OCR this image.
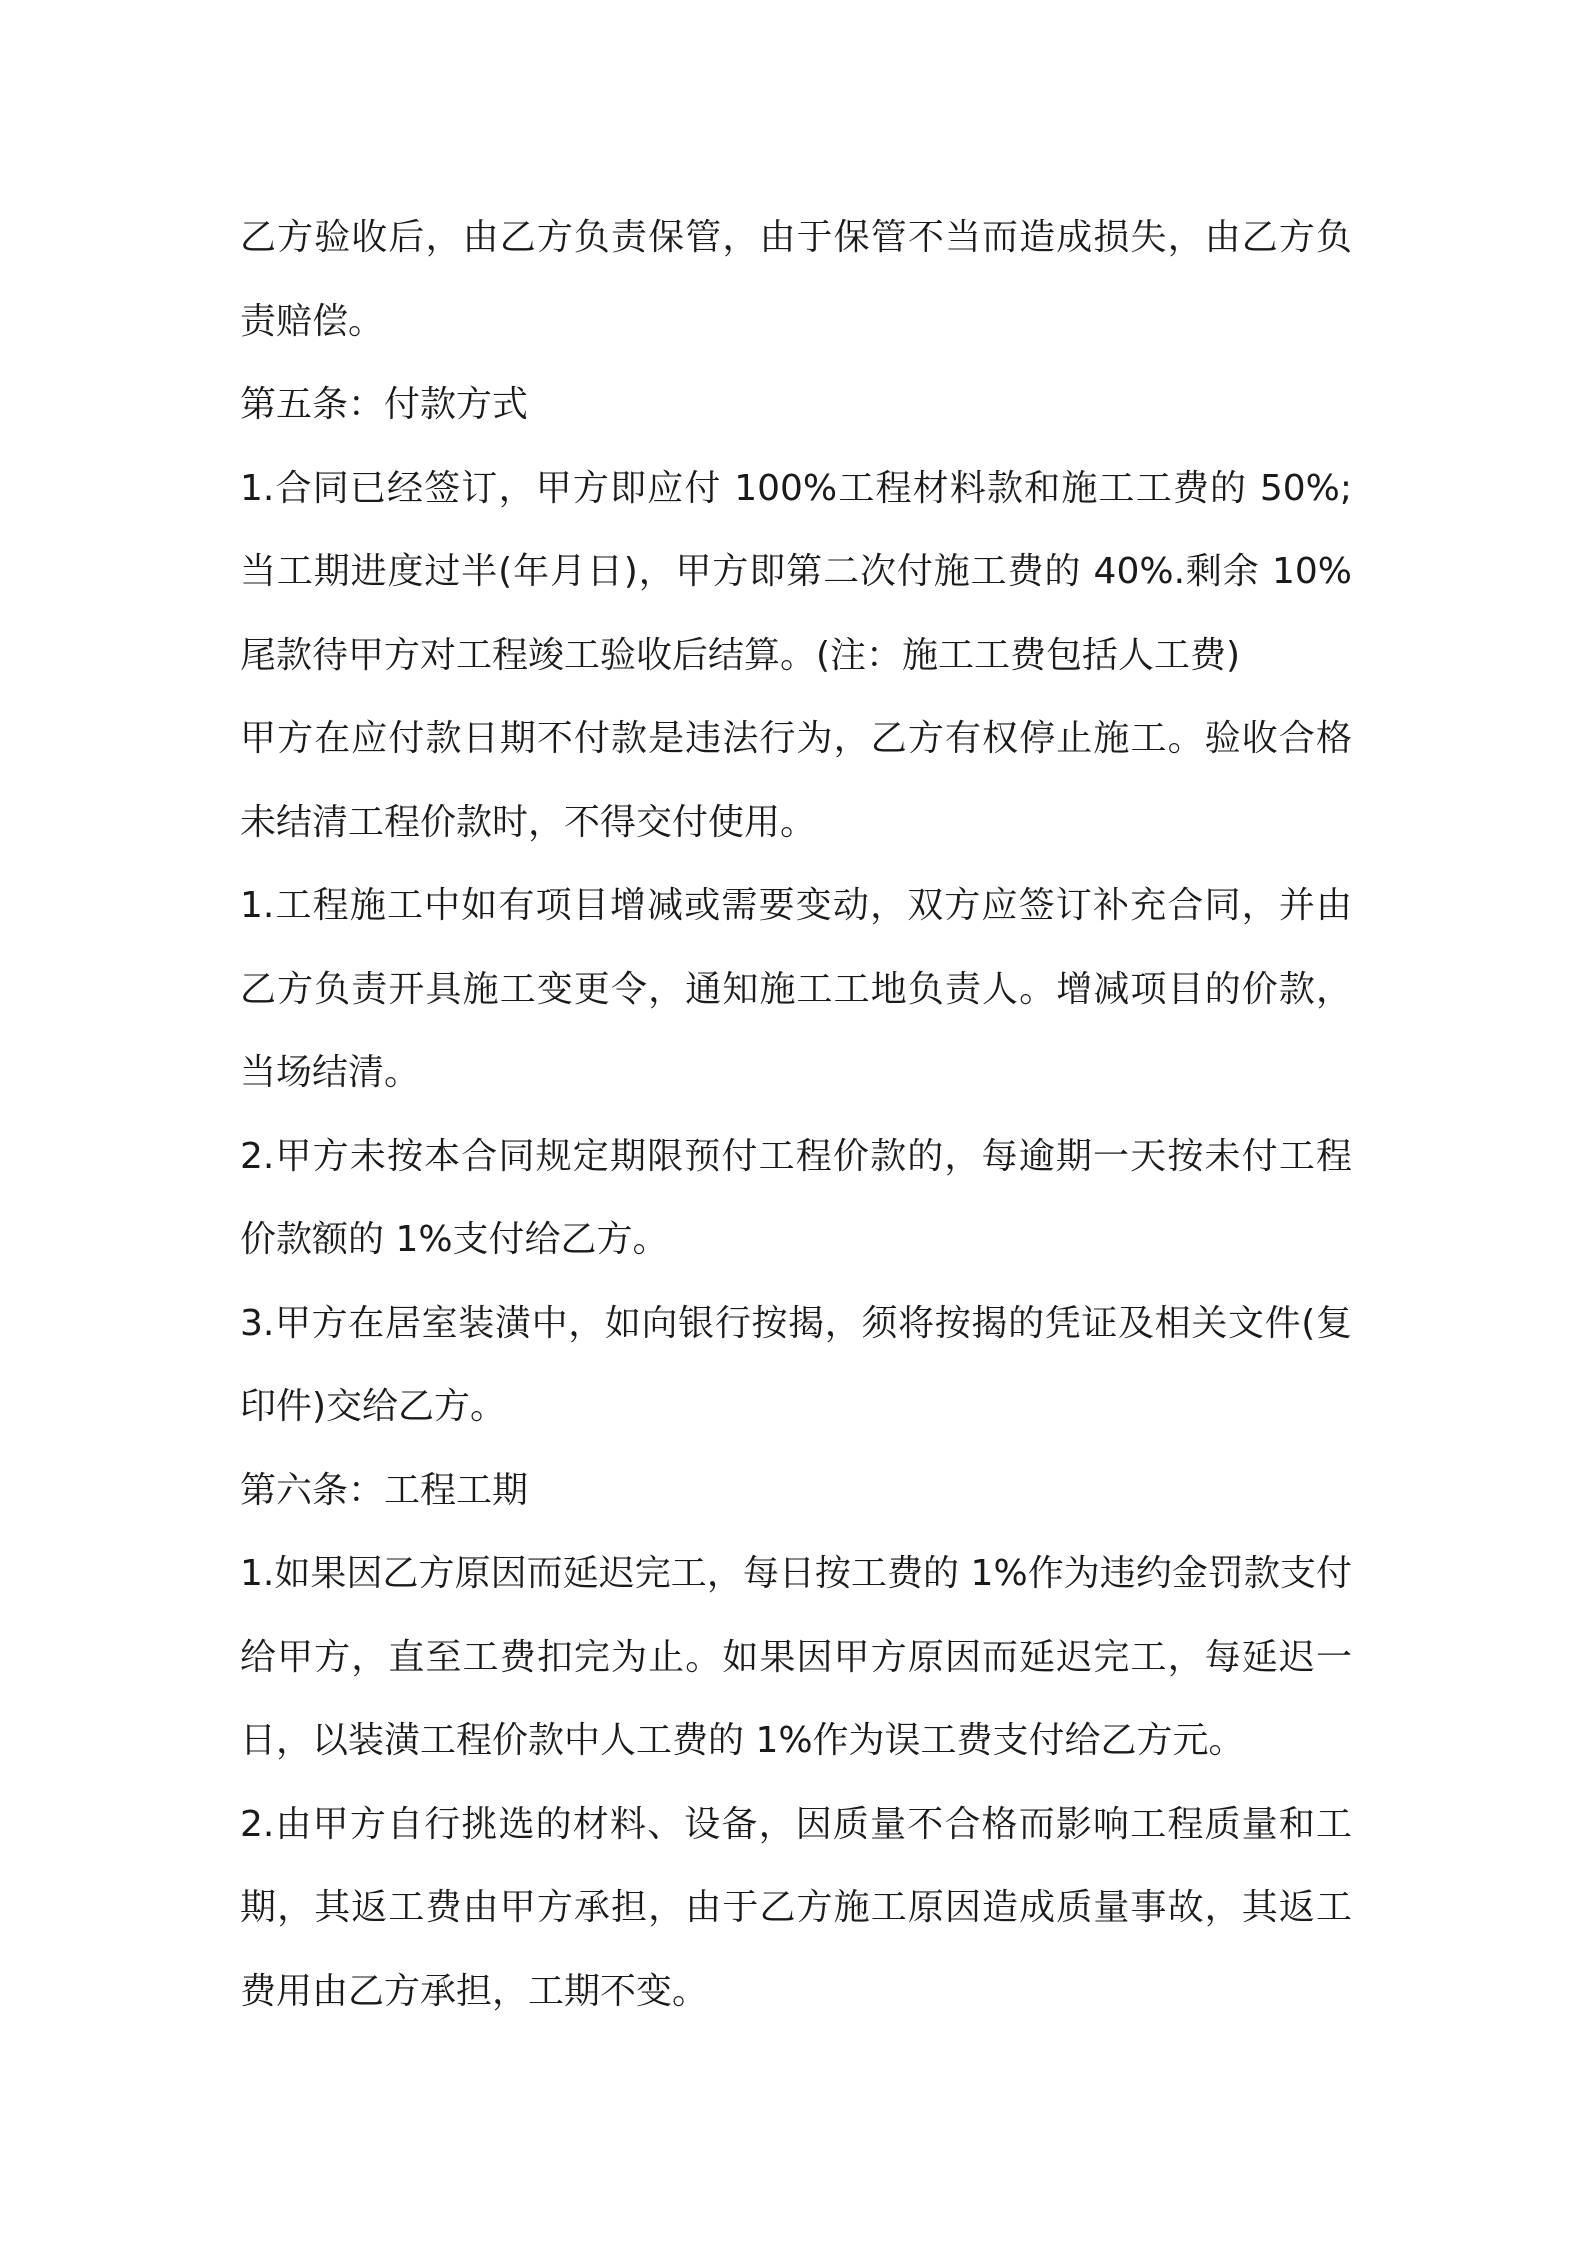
乙方验收后，由乙方负责保管，由于保管不当而造成损失，由乙方负责赔偿。

第五条：付款方式

1.合同已经签订，甲方即应付 100%工程材料款和施工工费的 50%;当工期进度过半(年月日)，甲方即第二次付施工费的 40%.剩余 10%尾款待甲方对工程竣工验收后结算。(注：施工工费包括人工费)

甲方在应付款日期不付款是违法行为，乙方有权停止施工。验收合格未结清工程价款时，不得交付使用。

1.工程施工中如有项目增减或需要变动，双方应签订补充合同，并由乙方负责开具施工变更令，通知施工工地负责人。增减项目的价款，当场结清。

2.甲方未按本合同规定期限预付工程价款的，每逾期一天按未付工程价款额的 1%支付给乙方。

3.甲方在居室装潢中，如向银行按揭，须将按揭的凭证及相关文件(复印件)交给乙方。

第六条：工程工期

1.如果因乙方原因而延迟完工，每日按工费的 1%作为违约金罚款支付给甲方，直至工费扣完为止。如果因甲方原因而延迟完工，每延迟一日，以装潢工程价款中人工费的 1%作为误工费支付给乙方元。

2.由甲方自行挑选的材料、设备，因质量不合格而影响工程质量和工期，其返工费由甲方承担，由于乙方施工原因造成质量事故，其返工费用由乙方承担，工期不变。
